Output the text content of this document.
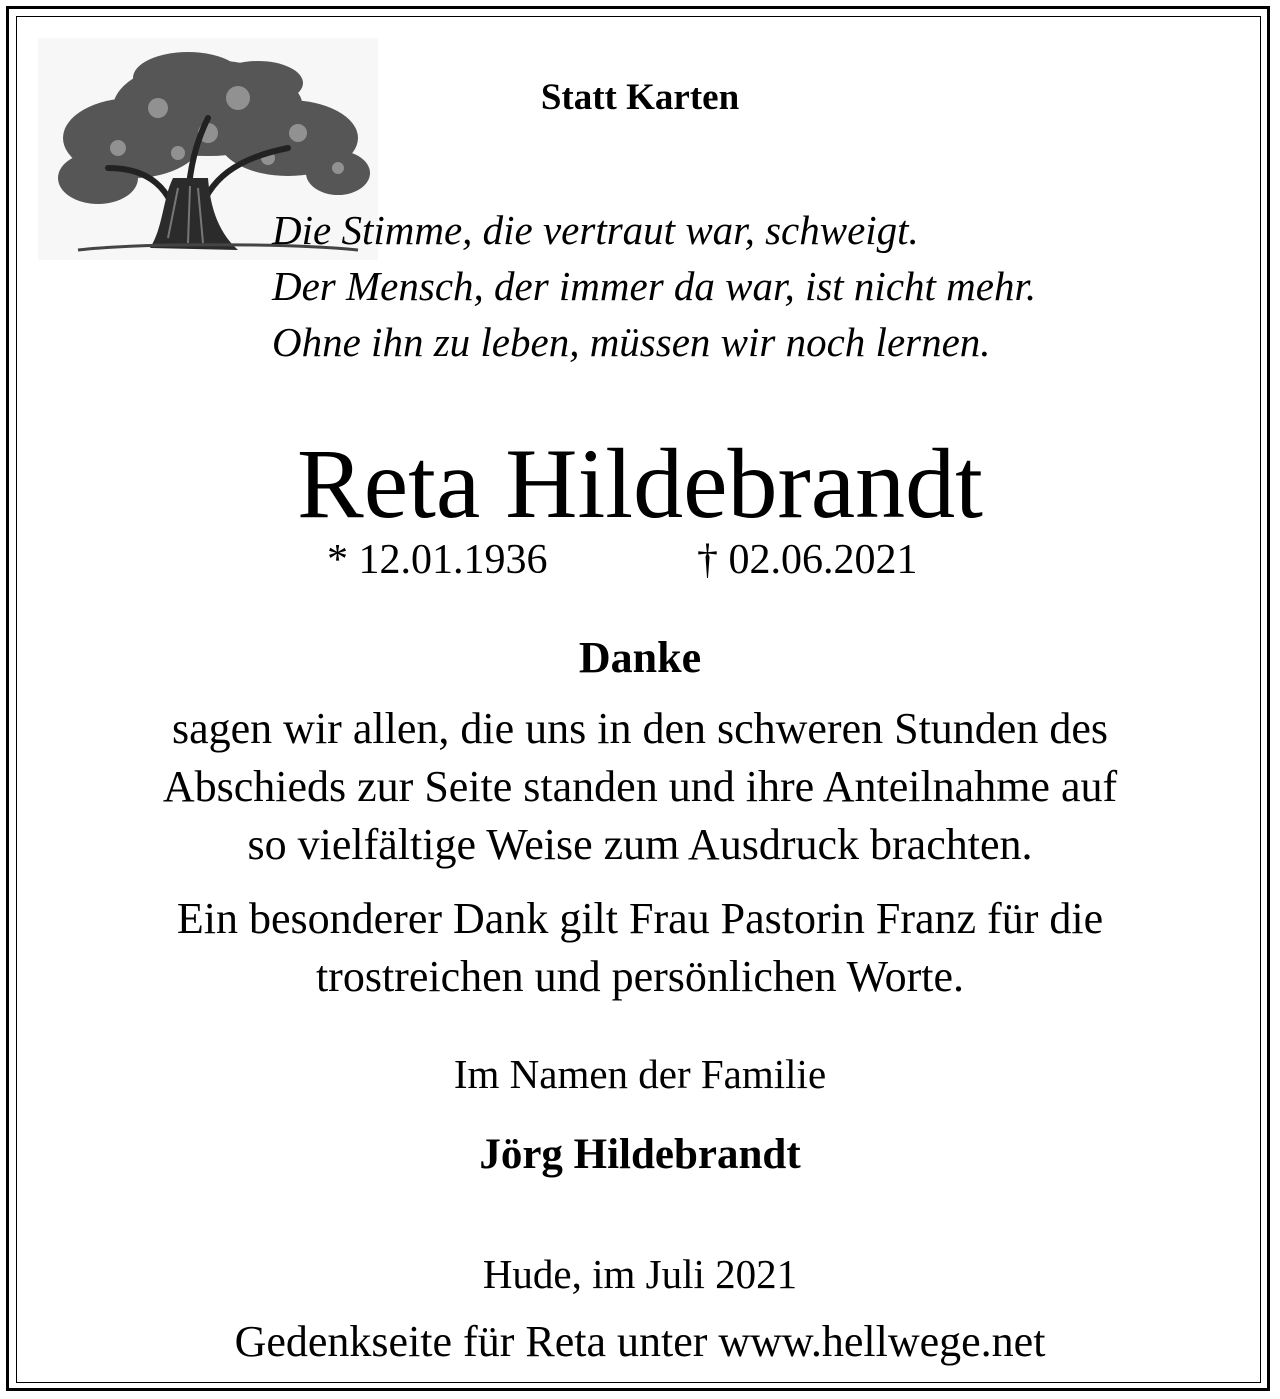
Statt Karten

Die Stimme, die vertraut war, schweigt.
Der Mensch, der immer da war, ist nicht mehr.
Ohne ihn zu leben, müssen wir noch lernen.

Reta Hildebrandt

* 12.01.1936	† 02.06.2021

Danke

sagen wir allen, die uns in den schweren Stunden des
Abschieds zur Seite standen und ihre Anteilnahme auf
so vielfältige Weise zum Ausdruck brachten.
Ein besonderer Dank gilt Frau Pastorin Franz für die
trostreichen und persönlichen Worte.

Im Namen der Familie

Jörg Hildebrandt

Hude, im Juli 2021

Gedenkseite für Reta unter www.hellwege.net
